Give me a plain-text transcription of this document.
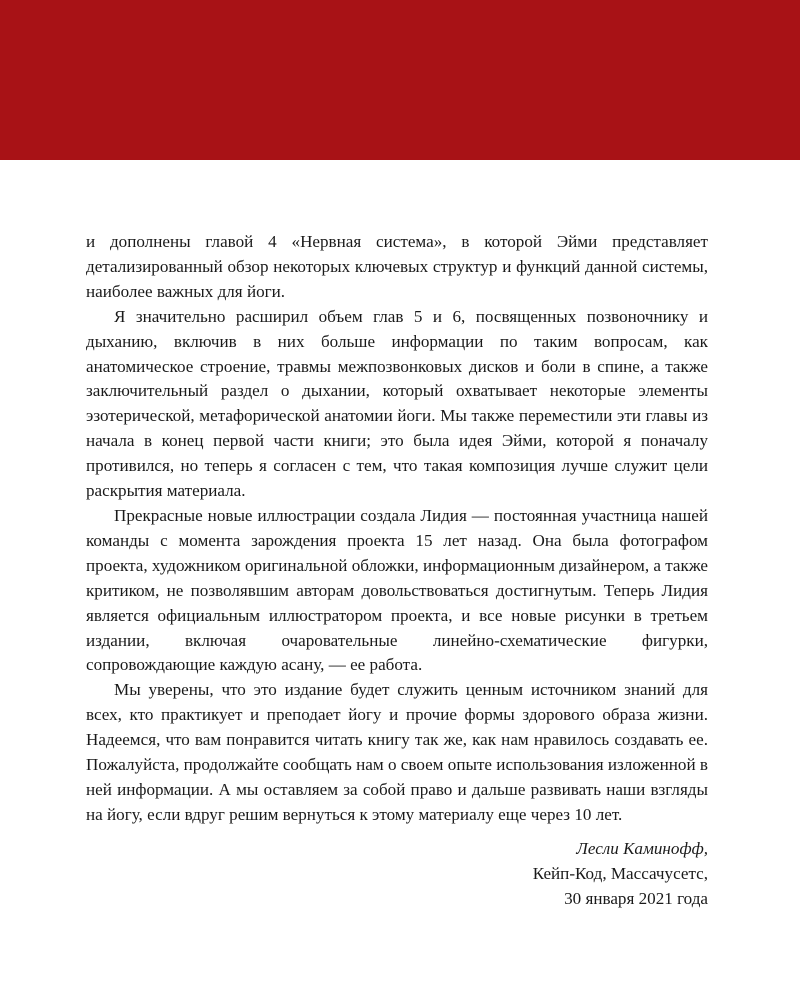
и дополнены главой 4 «Нервная система», в которой Эйми представляет детализированный обзор некоторых ключевых структур и функций данной системы, наиболее важных для йоги.

Я значительно расширил объем глав 5 и 6, посвященных позвоночнику и дыханию, включив в них больше информации по таким вопросам, как анатомическое строение, травмы межпозвонковых дисков и боли в спине, а также заключительный раздел о дыхании, который охватывает некоторые элементы эзотерической, метафорической анатомии йоги. Мы также переместили эти главы из начала в конец первой части книги; это была идея Эйми, которой я поначалу противился, но теперь я согласен с тем, что такая композиция лучше служит цели раскрытия материала.

Прекрасные новые иллюстрации создала Лидия — постоянная участница нашей команды с момента зарождения проекта 15 лет назад. Она была фотографом проекта, художником оригинальной обложки, информационным дизайнером, а также критиком, не позволявшим авторам довольствоваться достигнутым. Теперь Лидия является официальным иллюстратором проекта, и все новые рисунки в третьем издании, включая очаровательные линейно-схематические фигурки, сопровождающие каждую асану, — ее работа.

Мы уверены, что это издание будет служить ценным источником знаний для всех, кто практикует и преподает йогу и прочие формы здорового образа жизни. Надеемся, что вам понравится читать книгу так же, как нам нравилось создавать ее. Пожалуйста, продолжайте сообщать нам о своем опыте использования изложенной в ней информации. А мы оставляем за собой право и дальше развивать наши взгляды на йогу, если вдруг решим вернуться к этому материалу еще через 10 лет.

Лесли Каминофф,
Кейп-Код, Массачусетс,
30 января 2021 года
